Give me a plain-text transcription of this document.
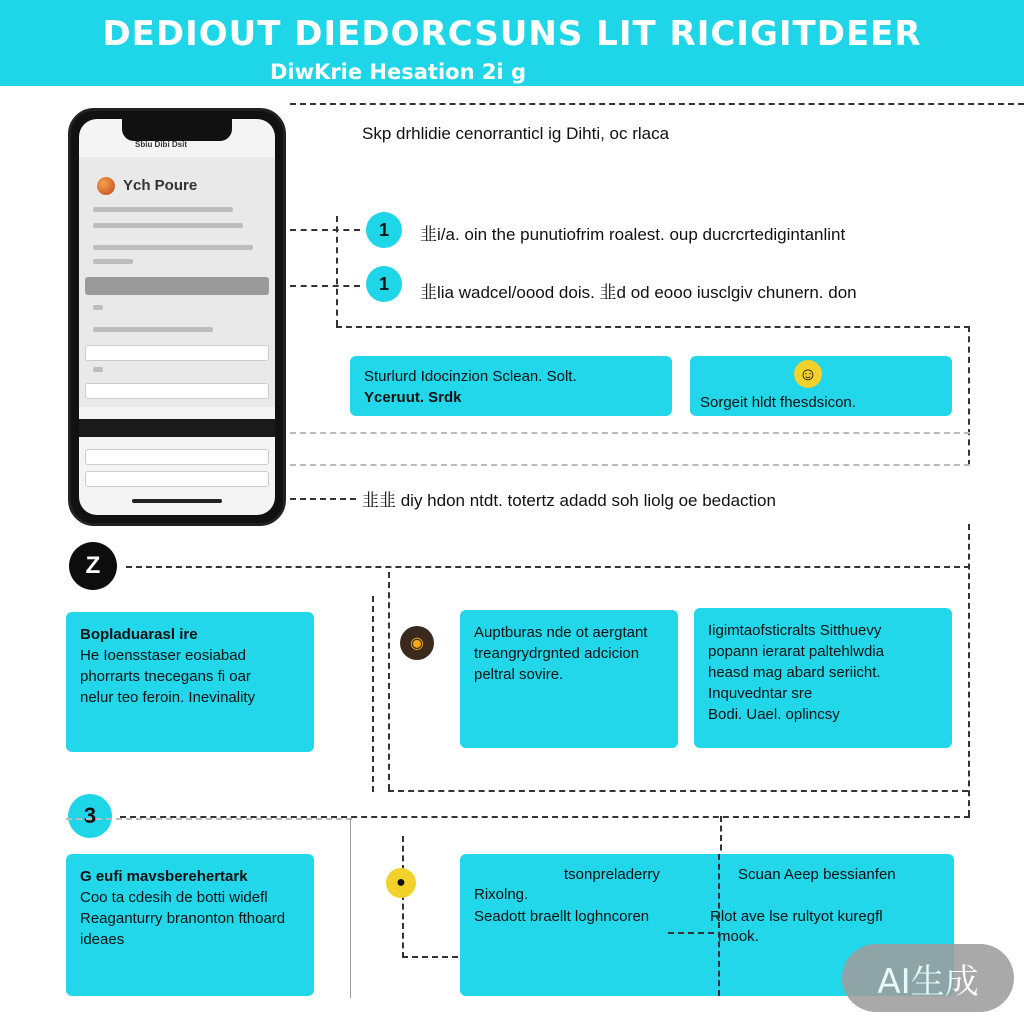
DEDIOUT DIEDORCSUNS LIT RICIGITDEER
DiwKrie Hesation 2i g
Sbiu Dibi Dsit
Ych Poure
Skp drhlidie cenorranticl ig Dihti, oc rlaca
1	韭i/a. oin the punutiofrim roalest. oup ducrcrtedigintanlint
1	韭lia wadcel/oood dois. 韭d od eooo iusclgiv chunern. don
Sturlurd Idocinzion Sclean. Solt.
Yceruut. Srdk
☺
Sorgeit hldt fhesdsicon.
韭韭 diy hdon ntdt. totertz adadd soh liolg oe bedaction
Z
Bopladuarasl ire
He Ioensstaser eosiabad
phorrarts tnecegans fi oar
nelur teo feroin. Inevinality
◉
Auptburas nde ot aergtant
treangrydrgnted adcicion
peltral sovire.
Iigimtaofsticralts Sitthuevy
popann ierarat paltehlwdia
heasd mag abard seriicht.
Inquvedntar sre
Bodi. Uael. oplincsy
3
G eufi mavsberehertark
Coo ta cdesih de botti widefl
Reaganturry branonton fthoard
ideaes
●	tsonpreladerry	Scuan Aeep bessianfen
Rixolng.
Seadott braellt loghncoren	Rlot ave lse rultyot kuregfl
mook.
AI生成
